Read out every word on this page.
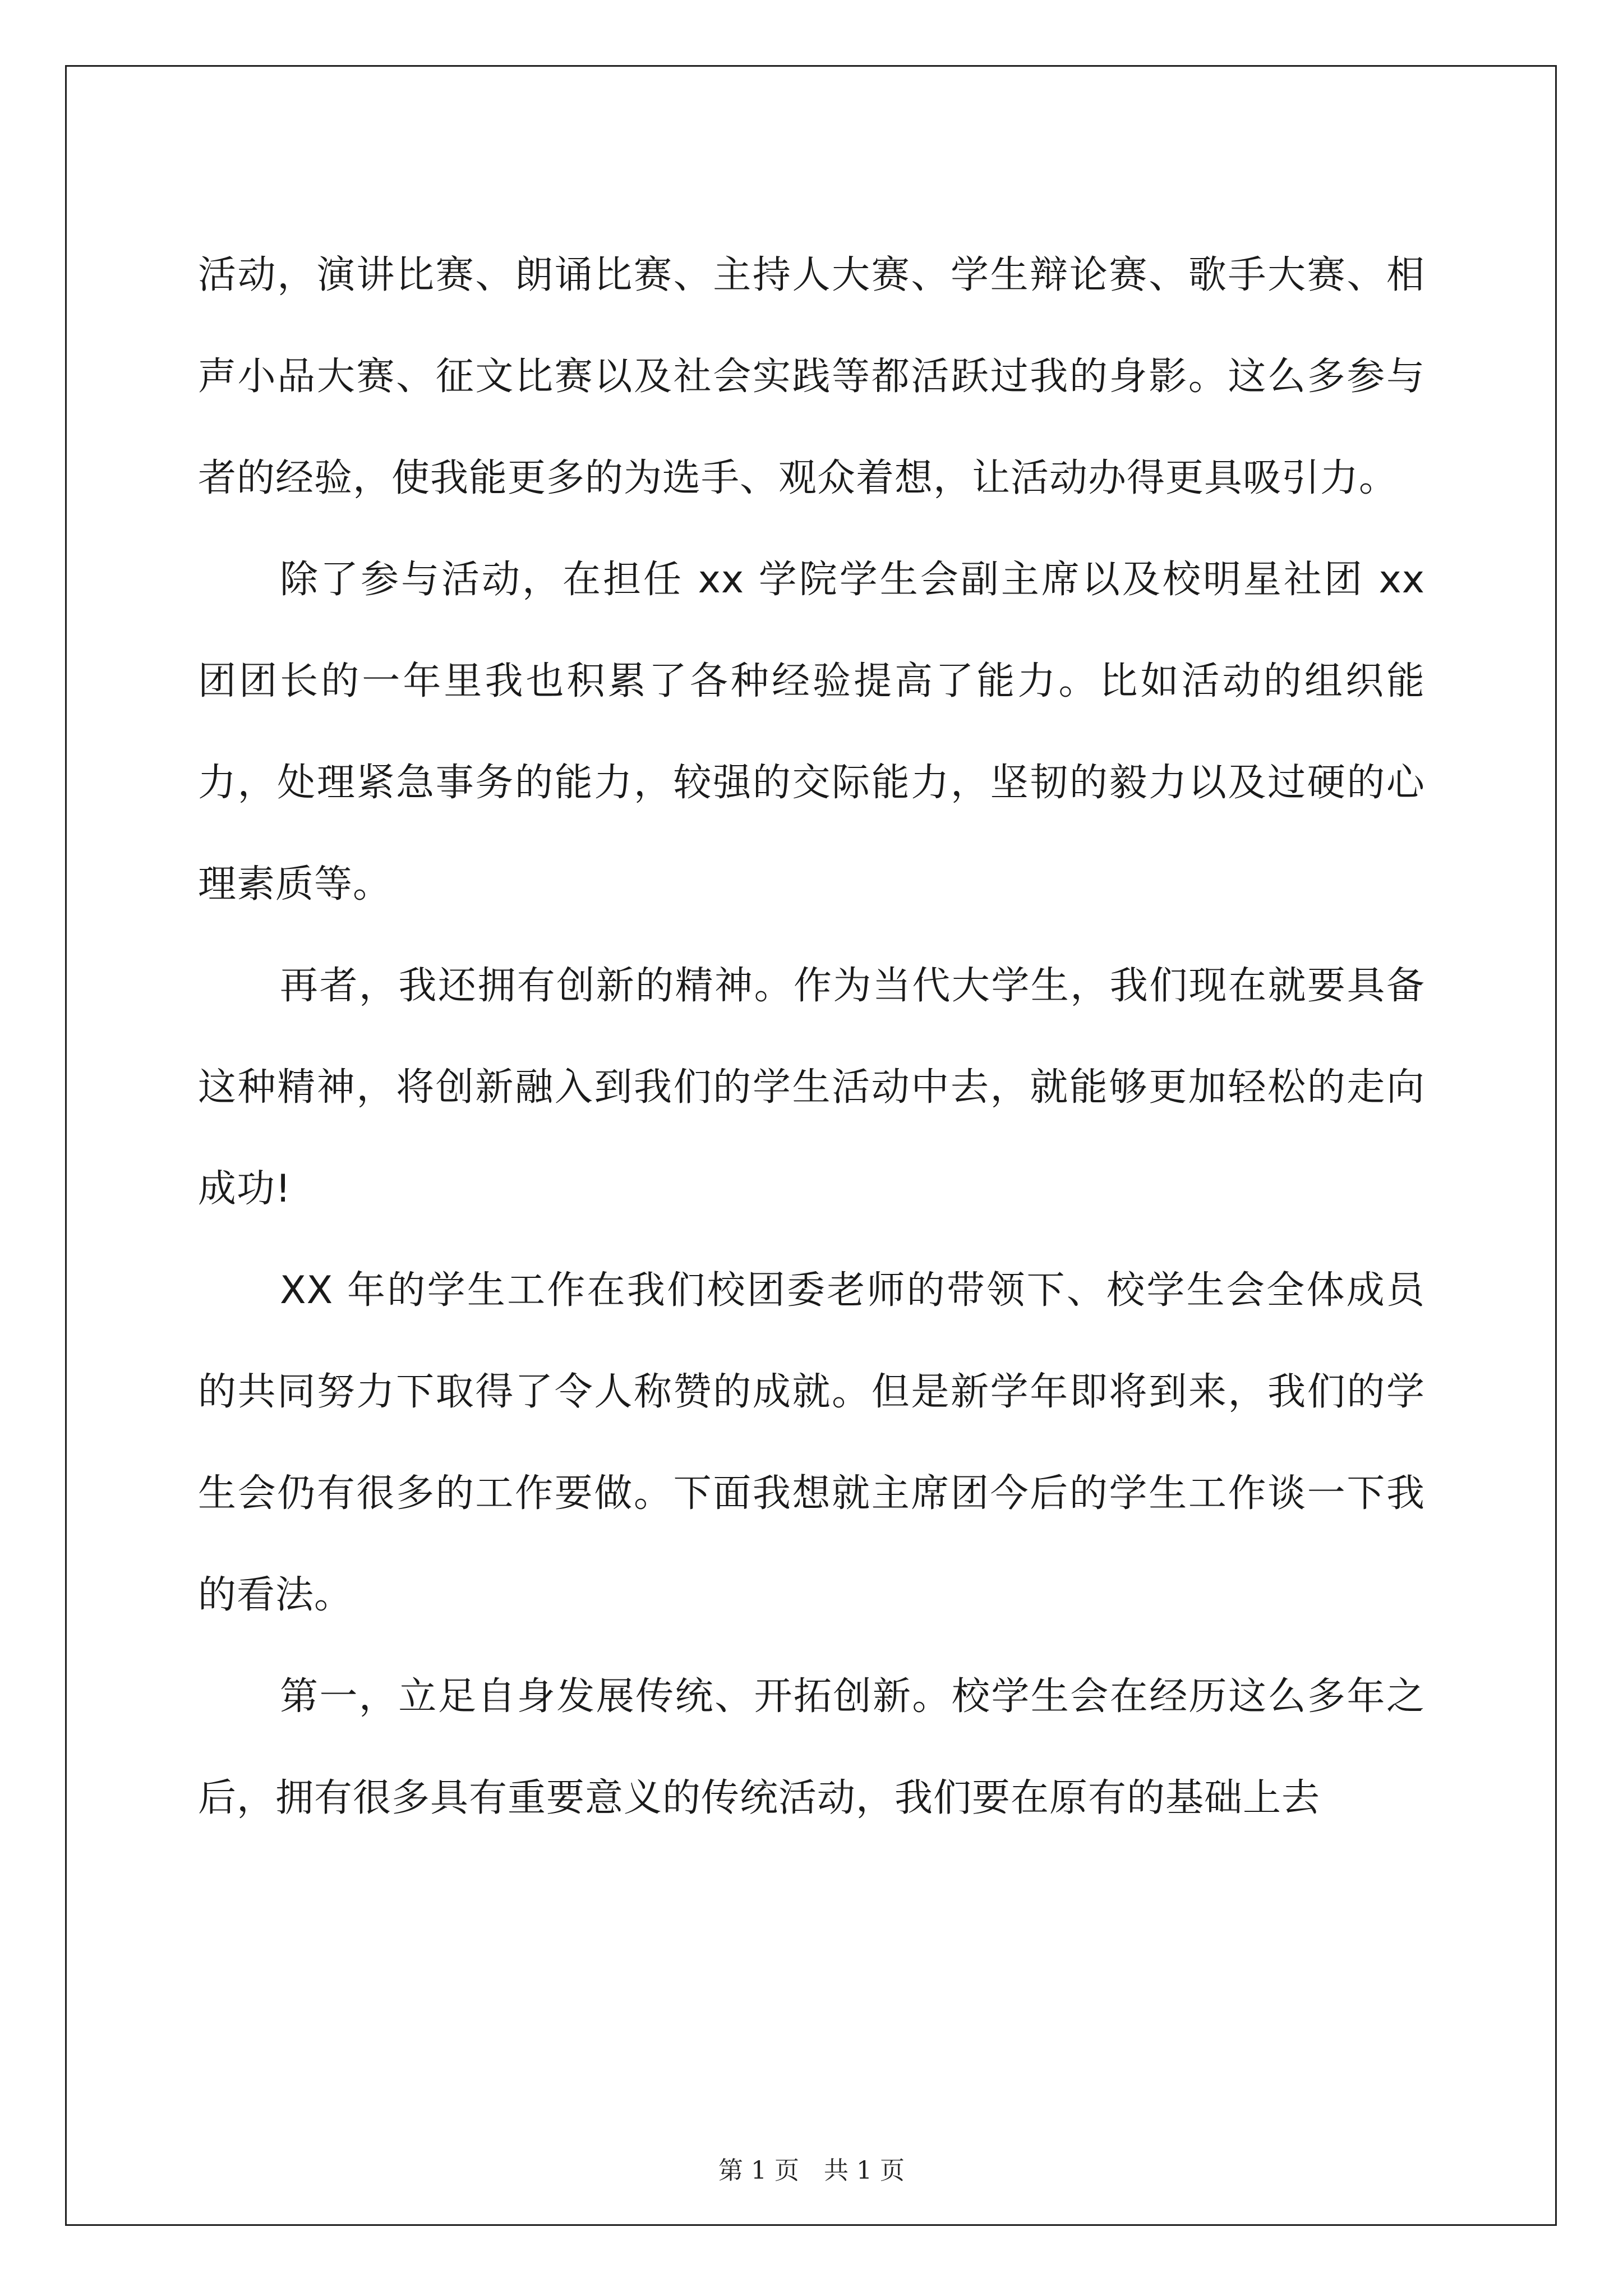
活动，演讲比赛、朗诵比赛、主持人大赛、学生辩论赛、歌手大赛、相声小品大赛、征文比赛以及社会实践等都活跃过我的身影。这么多参与者的经验，使我能更多的为选手、观众着想，让活动办得更具吸引力。

除了参与活动，在担任 xx 学院学生会副主席以及校明星社团 xx 团团长的一年里我也积累了各种经验提高了能力。比如活动的组织能力，处理紧急事务的能力，较强的交际能力，坚韧的毅力以及过硬的心理素质等。

再者，我还拥有创新的精神。作为当代大学生，我们现在就要具备这种精神，将创新融入到我们的学生活动中去，就能够更加轻松的走向成功!

XX 年的学生工作在我们校团委老师的带领下、校学生会全体成员的共同努力下取得了令人称赞的成就。但是新学年即将到来，我们的学生会仍有很多的工作要做。下面我想就主席团今后的学生工作谈一下我的看法。

第一，立足自身发展传统、开拓创新。校学生会在经历这么多年之后，拥有很多具有重要意义的传统活动，我们要在原有的基础上去

第 1 页 共 1 页
